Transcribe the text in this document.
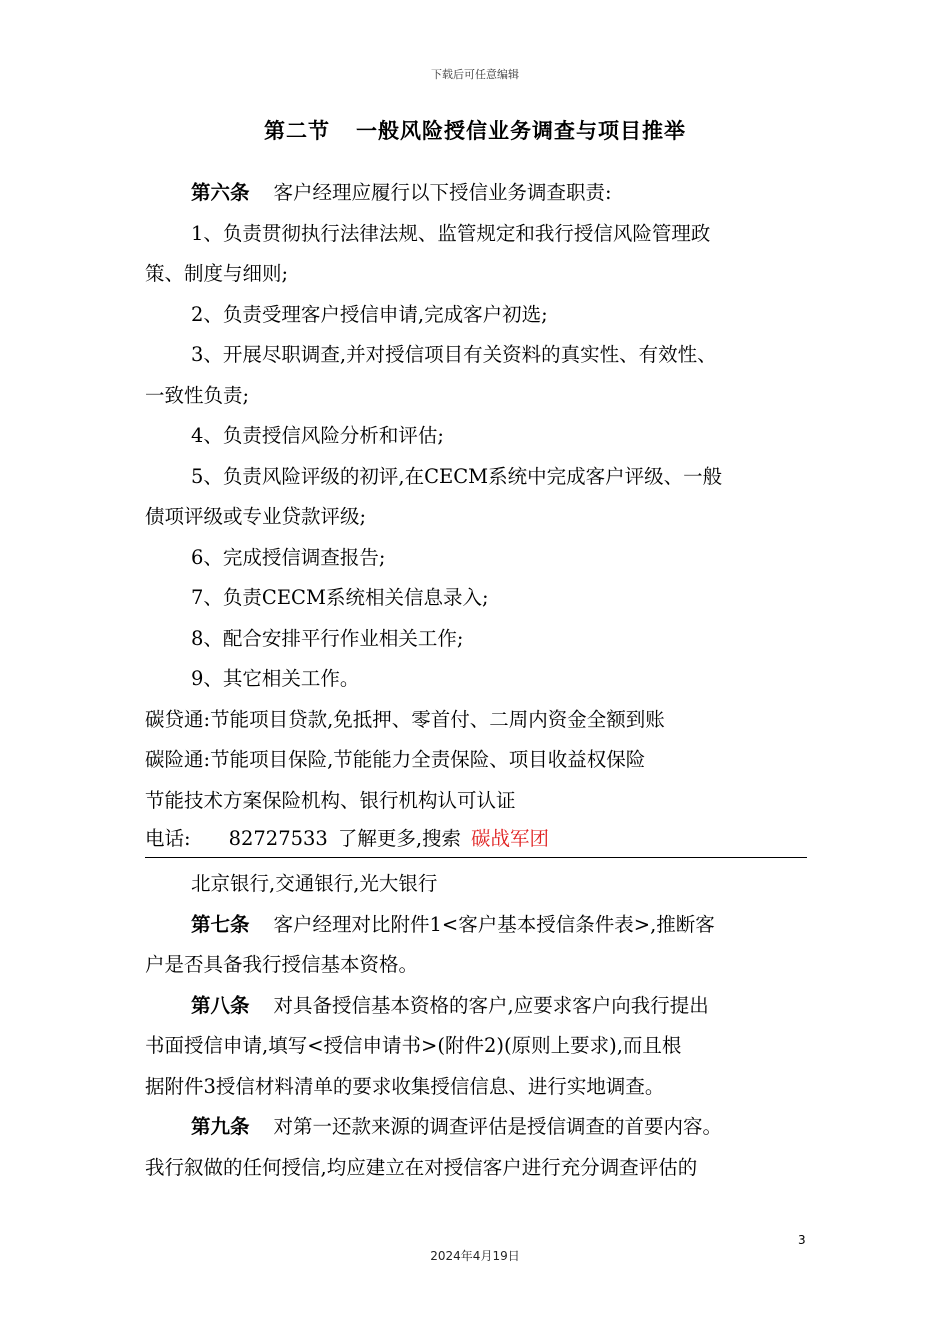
下载后可任意编辑
第二节 一般风险授信业务调查与项目推举

第六条 客户经理应履行以下授信业务调查职责:

1、负责贯彻执行法律法规、监管规定和我行授信风险管理政

策、制度与细则;

2、负责受理客户授信申请,完成客户初选;

3、开展尽职调查,并对授信项目有关资料的真实性、有效性、

一致性负责;

4、负责授信风险分析和评估;

5、负责风险评级的初评,在CECM系统中完成客户评级、一般

债项评级或专业贷款评级;

6、完成授信调查报告;

7、负责CECM系统相关信息录入;

8、配合安排平行作业相关工作;

9、其它相关工作。

碳贷通:节能项目贷款,免抵押、零首付、二周内资金全额到账

碳险通:节能项目保险,节能能力全责保险、项目收益权保险

节能技术方案保险机构、银行机构认可认证

电话: 82727533 了解更多,搜索 碳战军团

北京银行,交通银行,光大银行

第七条 客户经理对比附件1<客户基本授信条件表>,推断客

户是否具备我行授信基本资格。

第八条 对具备授信基本资格的客户,应要求客户向我行提出

书面授信申请,填写<授信申请书>(附件2)(原则上要求),而且根

据附件3授信材料清单的要求收集授信信息、进行实地调查。

第九条 对第一还款来源的调查评估是授信调查的首要内容。

我行叙做的任何授信,均应建立在对授信客户进行充分调查评估的

3
2024年4月19日
